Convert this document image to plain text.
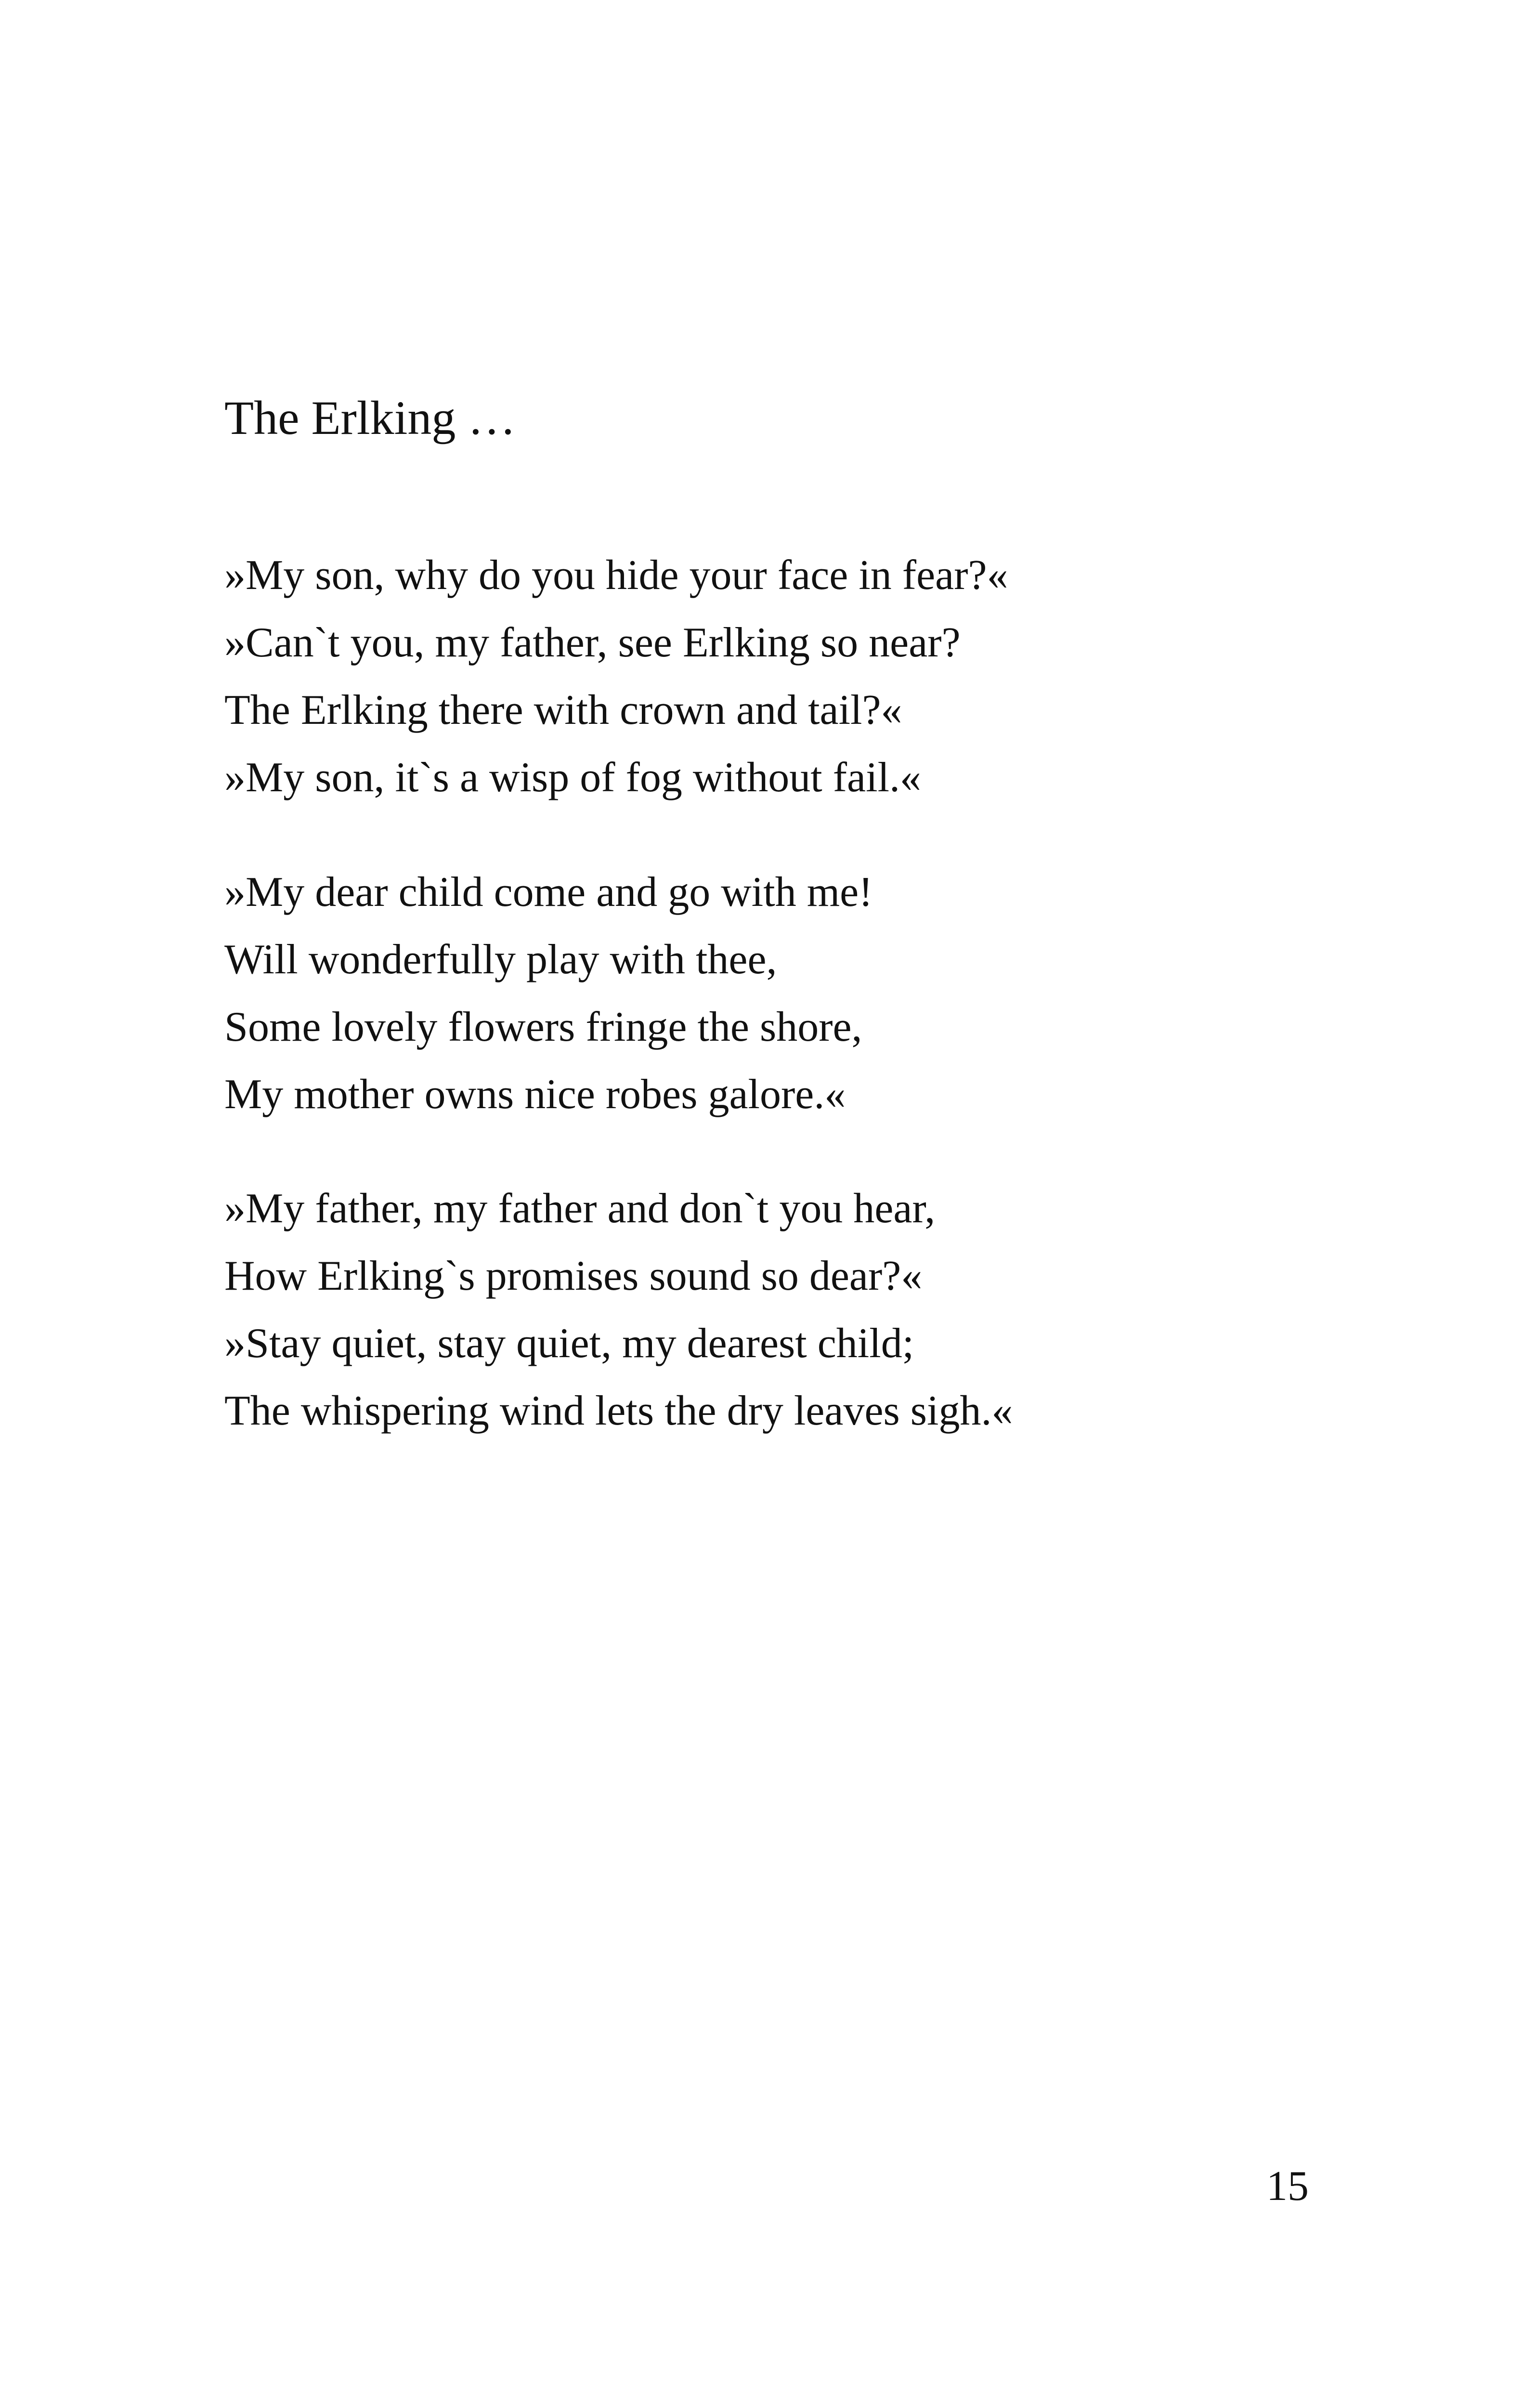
The Erlking …
»My son, why do you hide your face in fear?«
»Can`t you, my father, see Erlking so near?
The Erlking there with crown and tail?«
»My son, it`s a wisp of fog without fail.«
»My dear child come and go with me!
Will wonderfully play with thee,
Some lovely flowers fringe the shore,
My mother owns nice robes galore.«
»My father, my father and don`t you hear,
How Erlking`s promises sound so dear?«
»Stay quiet, stay quiet, my dearest child;
The whispering wind lets the dry leaves sigh.«
15
